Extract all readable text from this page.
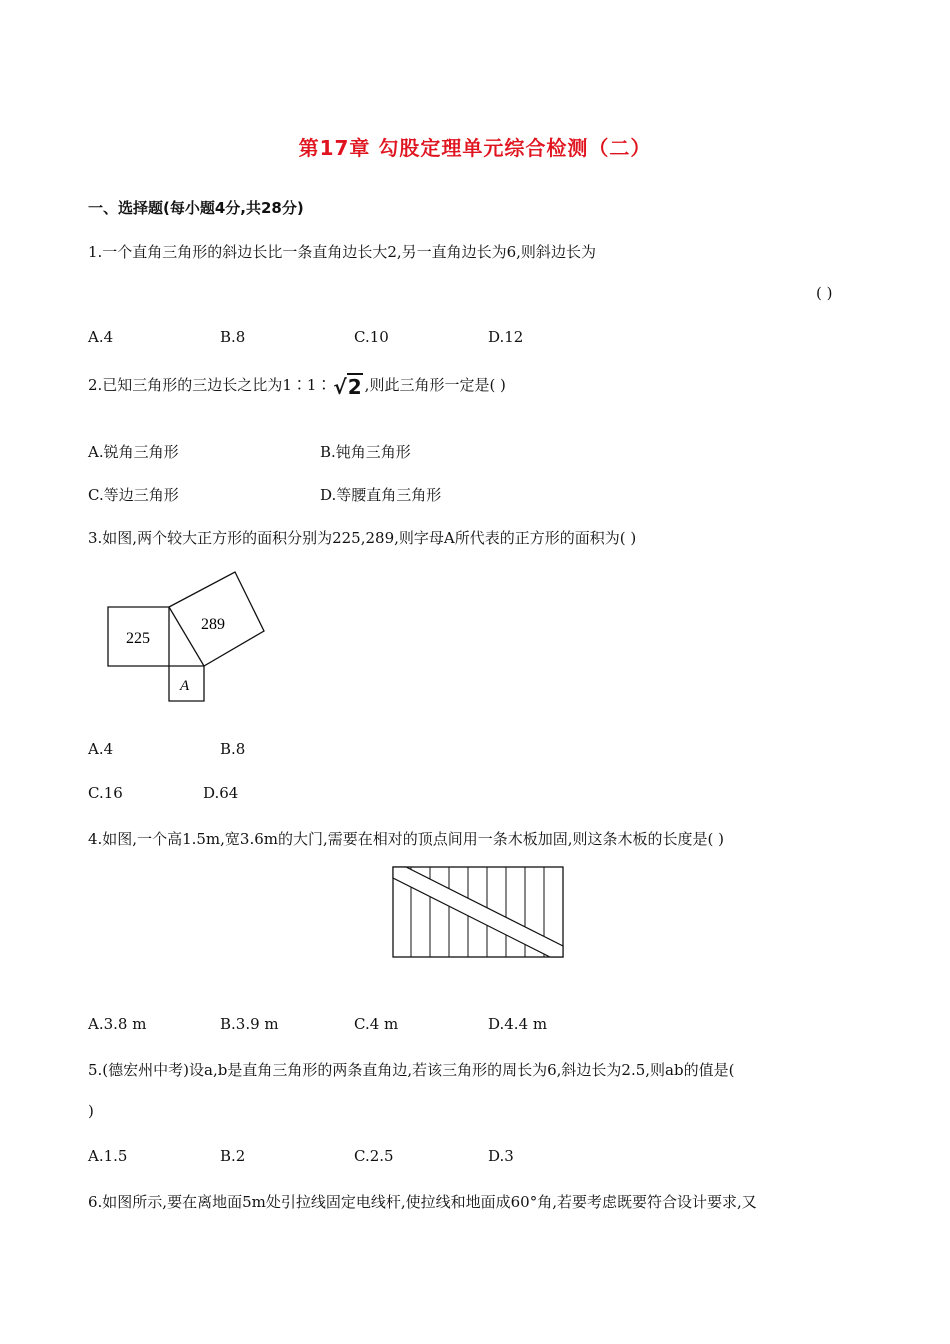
第17章 勾股定理单元综合检测（二）
一、选择题(每小题4分,共28分)
1.一个直角三角形的斜边长比一条直角边长大2,另一直角边长为6,则斜边长为
( )
A.4	B.8	C.10	D.12
2.已知三角形的三边长之比为1∶1∶ √2 ,则此三角形一定是( )
A.锐角三角形	B.钝角三角形
C.等边三角形	D.等腰直角三角形
3.如图,两个较大正方形的面积分别为225,289,则字母A所代表的正方形的面积为( )
225
289
A
A.4	B.8
C.16	D.64
4.如图,一个高1.5m,宽3.6m的大门,需要在相对的顶点间用一条木板加固,则这条木板的长度是( )
A.3.8 m	B.3.9 m	C.4 m	D.4.4 m
5.(德宏州中考)设a,b是直角三角形的两条直角边,若该三角形的周长为6,斜边长为2.5,则ab的值是(
)
A.1.5	B.2	C.2.5	D.3
6.如图所示,要在离地面5m处引拉线固定电线杆,使拉线和地面成60°角,若要考虑既要符合设计要求,又
